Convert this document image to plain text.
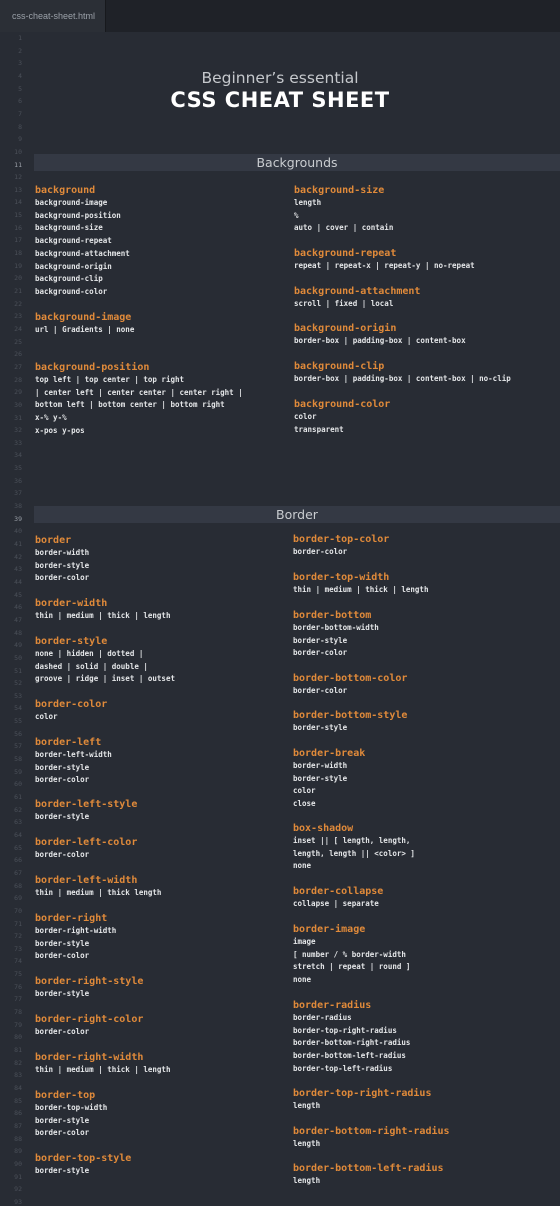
css-cheat-sheet.html
1
2
3
4
5
6
7
8
9
10
11
12
13
14
15
16
17
18
19
20
21
22
23
24
25
26
27
28
29
30
31
32
33
34
35
36
37
38
39
40
41
42
43
44
45
46
47
48
49
50
51
52
53
54
55
56
57
58
59
60
61
62
63
64
65
66
67
68
69
70
71
72
73
74
75
76
77
78
79
80
81
82
83
84
85
86
87
88
89
90
91
92
93
Beginner’s essential
CSS CHEAT SHEET
Backgrounds
Border
background
background-image
background-position
background-size
background-repeat
background-attachment
background-origin
background-clip
background-color
background-image
url | Gradients | none
background-position
top left | top center | top right
| center left | center center | center right |
bottom left | bottom center | bottom right
x-% y-%
x-pos y-pos
background-size
length
%
auto | cover | contain
background-repeat
repeat | repeat-x | repeat-y | no-repeat
background-attachment
scroll | fixed | local
background-origin
border-box | padding-box | content-box
background-clip
border-box | padding-box | content-box | no-clip
background-color
color
transparent
border
border-width
border-style
border-color
border-width
thin | medium | thick | length
border-style
none | hidden | dotted |
dashed | solid | double |
groove | ridge | inset | outset
border-color
color
border-left
border-left-width
border-style
border-color
border-left-style
border-style
border-left-color
border-color
border-left-width
thin | medium | thick length
border-right
border-right-width
border-style
border-color
border-right-style
border-style
border-right-color
border-color
border-right-width
thin | medium | thick | length
border-top
border-top-width
border-style
border-color
border-top-style
border-style
border-top-color
border-color
border-top-width
thin | medium | thick | length
border-bottom
border-bottom-width
border-style
border-color
border-bottom-color
border-color
border-bottom-style
border-style
border-break
border-width
border-style
color
close
box-shadow
inset || [ length, length,
length, length || <color> ]
none
border-collapse
collapse | separate
border-image
image
[ number / % border-width
stretch | repeat | round ]
none
border-radius
border-radius
border-top-right-radius
border-bottom-right-radius
border-bottom-left-radius
border-top-left-radius
border-top-right-radius
length
border-bottom-right-radius
length
border-bottom-left-radius
length
